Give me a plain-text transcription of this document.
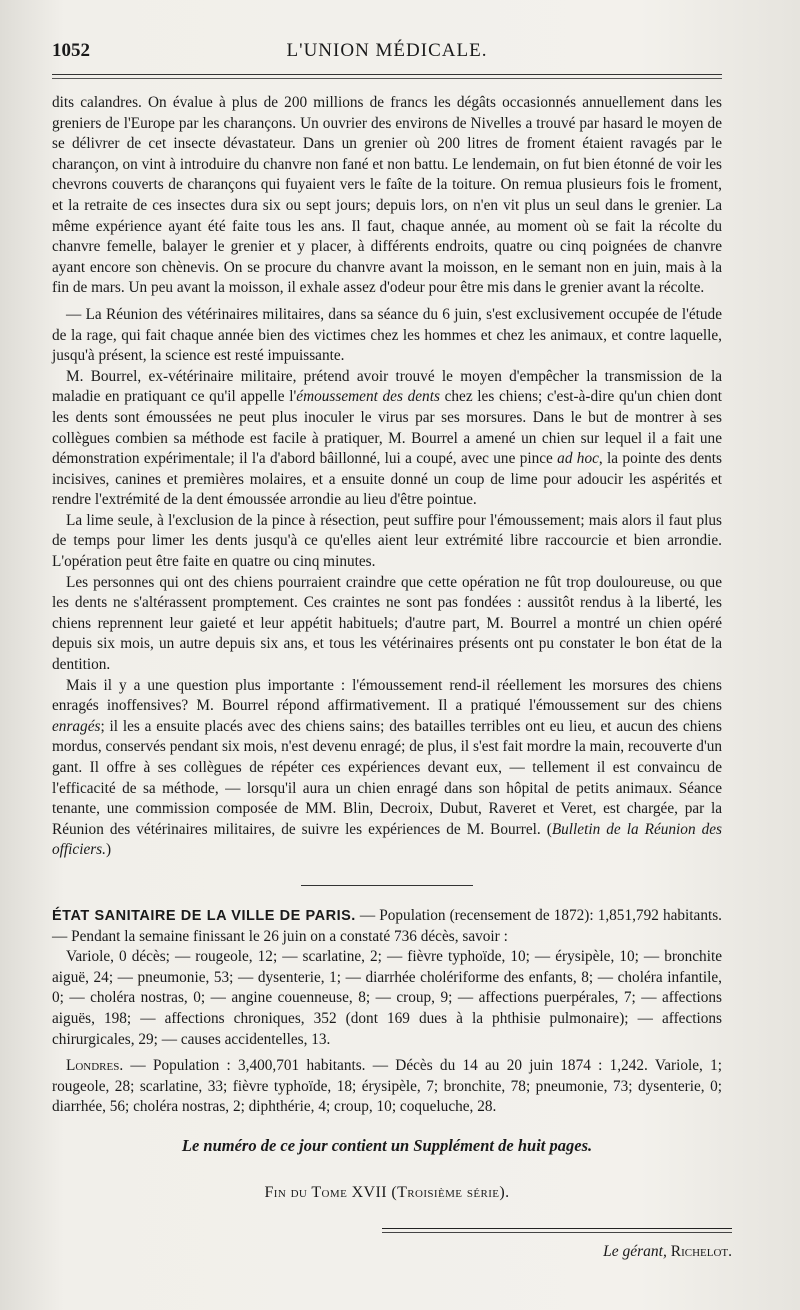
1052	L'UNION MÉDICALE.

dits calandres. On évalue à plus de 200 millions de francs les dégâts occasionnés annuellement dans les greniers de l'Europe par les charançons. Un ouvrier des environs de Nivelles a trouvé par hasard le moyen de se délivrer de cet insecte dévastateur. Dans un grenier où 200 litres de froment étaient ravagés par le charançon, on vint à introduire du chanvre non fané et non battu. Le lendemain, on fut bien étonné de voir les chevrons couverts de charançons qui fuyaient vers le faîte de la toiture. On remua plusieurs fois le froment, et la retraite de ces insectes dura six ou sept jours; depuis lors, on n'en vit plus un seul dans le grenier. La même expérience ayant été faite tous les ans. Il faut, chaque année, au moment où se fait la récolte du chanvre femelle, balayer le grenier et y placer, à différents endroits, quatre ou cinq poignées de chanvre ayant encore son chènevis. On se procure du chanvre avant la moisson, en le semant non en juin, mais à la fin de mars. Un peu avant la moisson, il exhale assez d'odeur pour être mis dans le grenier avant la récolte.

— La Réunion des vétérinaires militaires, dans sa séance du 6 juin, s'est exclusivement occupée de l'étude de la rage, qui fait chaque année bien des victimes chez les hommes et chez les animaux, et contre laquelle, jusqu'à présent, la science est resté impuissante.

M. Bourrel, ex-vétérinaire militaire, prétend avoir trouvé le moyen d'empêcher la transmission de la maladie en pratiquant ce qu'il appelle l'émoussement des dents chez les chiens; c'est-à-dire qu'un chien dont les dents sont émoussées ne peut plus inoculer le virus par ses morsures. Dans le but de montrer à ses collègues combien sa méthode est facile à pratiquer, M. Bourrel a amené un chien sur lequel il a fait une démonstration expérimentale; il l'a d'abord bâillonné, lui a coupé, avec une pince ad hoc, la pointe des dents incisives, canines et premières molaires, et a ensuite donné un coup de lime pour adoucir les aspérités et rendre l'extrémité de la dent émoussée arrondie au lieu d'être pointue.

La lime seule, à l'exclusion de la pince à résection, peut suffire pour l'émoussement; mais alors il faut plus de temps pour limer les dents jusqu'à ce qu'elles aient leur extrémité libre raccourcie et bien arrondie. L'opération peut être faite en quatre ou cinq minutes.

Les personnes qui ont des chiens pourraient craindre que cette opération ne fût trop douloureuse, ou que les dents ne s'altérassent promptement. Ces craintes ne sont pas fondées : aussitôt rendus à la liberté, les chiens reprennent leur gaieté et leur appétit habituels; d'autre part, M. Bourrel a montré un chien opéré depuis six mois, un autre depuis six ans, et tous les vétérinaires présents ont pu constater le bon état de la dentition.

Mais il y a une question plus importante : l'émoussement rend-il réellement les morsures des chiens enragés inoffensives? M. Bourrel répond affirmativement. Il a pratiqué l'émoussement sur des chiens enragés; il les a ensuite placés avec des chiens sains; des batailles terribles ont eu lieu, et aucun des chiens mordus, conservés pendant six mois, n'est devenu enragé; de plus, il s'est fait mordre la main, recouverte d'un gant. Il offre à ses collègues de répéter ces expériences devant eux, — tellement il est convaincu de l'efficacité de sa méthode, — lorsqu'il aura un chien enragé dans son hôpital de petits animaux. Séance tenante, une commission composée de MM. Blin, Decroix, Dubut, Raveret et Veret, est chargée, par la Réunion des vétérinaires militaires, de suivre les expériences de M. Bourrel. (Bulletin de la Réunion des officiers.)

ÉTAT SANITAIRE DE LA VILLE DE PARIS. — Population (recensement de 1872): 1,851,792 habitants. — Pendant la semaine finissant le 26 juin on a constaté 736 décès, savoir :

Variole, 0 décès; — rougeole, 12; — scarlatine, 2; — fièvre typhoïde, 10; — érysipèle, 10; — bronchite aiguë, 24; — pneumonie, 53; — dysenterie, 1; — diarrhée cholériforme des enfants, 8; — choléra infantile, 0; — choléra nostras, 0; — angine couenneuse, 8; — croup, 9; — affections puerpérales, 7; — affections aiguës, 198; — affections chroniques, 352 (dont 169 dues à la phthisie pulmonaire); — affections chirurgicales, 29; — causes accidentelles, 13.

Londres. — Population : 3,400,701 habitants. — Décès du 14 au 20 juin 1874 : 1,242. Variole, 1; rougeole, 28; scarlatine, 33; fièvre typhoïde, 18; érysipèle, 7; bronchite, 78; pneumonie, 73; dysenterie, 0; diarrhée, 56; choléra nostras, 2; diphthérie, 4; croup, 10; coqueluche, 28.

Le numéro de ce jour contient un Supplément de huit pages.
Fin du Tome XVII (Troisième série).
Le gérant, Richelot.
